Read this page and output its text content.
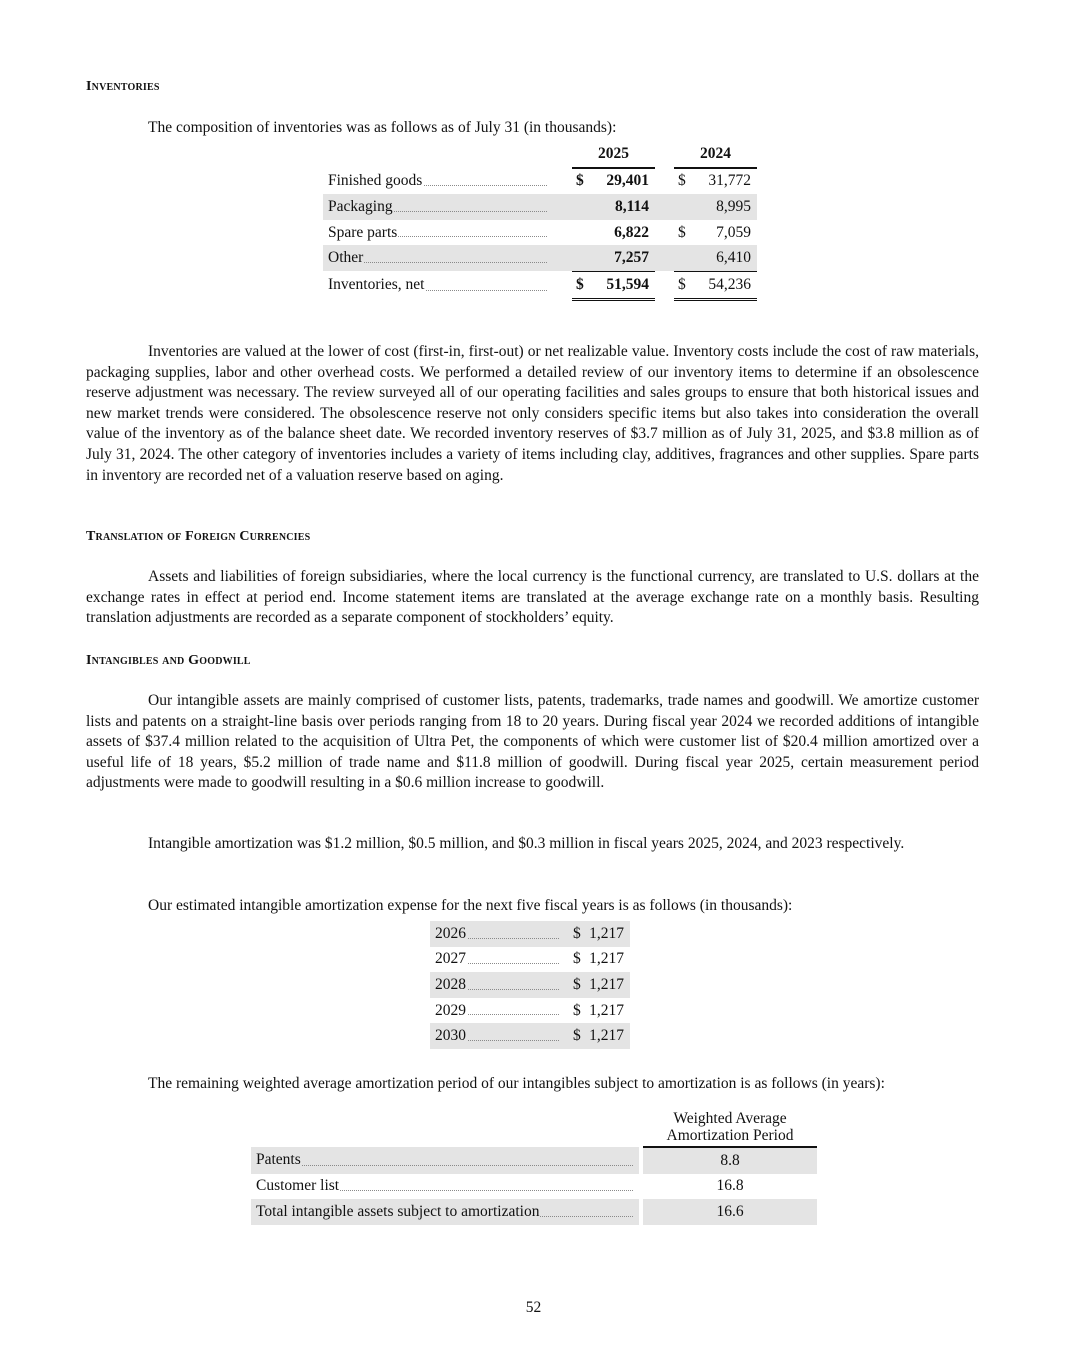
Inventories

The composition of inventories was as follows as of July 31 (in thousands):

		2025			2024	

Finished goods		$	29,401		$	31,772

Packaging			8,114			8,995

Spare parts			6,822		$	7,059

Other			7,257			6,410

Inventories, net		$	51,594		$	54,236

Inventories are valued at the lower of cost (first-in, first-out) or net realizable value. Inventory costs include the cost of raw materials, packaging supplies, labor and other overhead costs. We performed a detailed review of our inventory items to determine if an obsolescence reserve adjustment was necessary. The review surveyed all of our operating facilities and sales groups to ensure that both historical issues and new market trends were considered. The obsolescence reserve not only considers specific items but also takes into consideration the overall value of the inventory as of the balance sheet date. We recorded inventory reserves of $3.7 million as of July 31, 2025, and $3.8 million as of July 31, 2024. The other category of inventories includes a variety of items including clay, additives, fragrances and other supplies. Spare parts in inventory are recorded net of a valuation reserve based on aging.

Translation of Foreign Currencies

Assets and liabilities of foreign subsidiaries, where the local currency is the functional currency, are translated to U.S. dollars at the exchange rates in effect at period end. Income statement items are translated at the average exchange rate on a monthly basis. Resulting translation adjustments are recorded as a separate component of stockholders’ equity.

Intangibles and Goodwill

Our intangible assets are mainly comprised of customer lists, patents, trademarks, trade names and goodwill. We amortize customer lists and patents on a straight-line basis over periods ranging from 18 to 20 years. During fiscal year 2024 we recorded additions of intangible assets of $37.4 million related to the acquisition of Ultra Pet, the components of which were customer list of $20.4 million amortized over a useful life of 18 years, $5.2 million of trade name and $11.8 million of goodwill. During fiscal year 2025, certain measurement period adjustments were made to goodwill resulting in a $0.6 million increase to goodwill.

Intangible amortization was $1.2 million, $0.5 million, and $0.3 million in fiscal years 2025, 2024, and 2023 respectively.

Our estimated intangible amortization expense for the next five fiscal years is as follows (in thousands):

2026	$	1,217

2027	$	1,217

2028	$	1,217

2029	$	1,217

2030	$	1,217

The remaining weighted average amortization period of our intangibles subject to amortization is as follows (in years):

		Weighted Average
Amortization Period

Patents		8.8

Customer list		16.8

Total intangible assets subject to amortization		16.6
52
